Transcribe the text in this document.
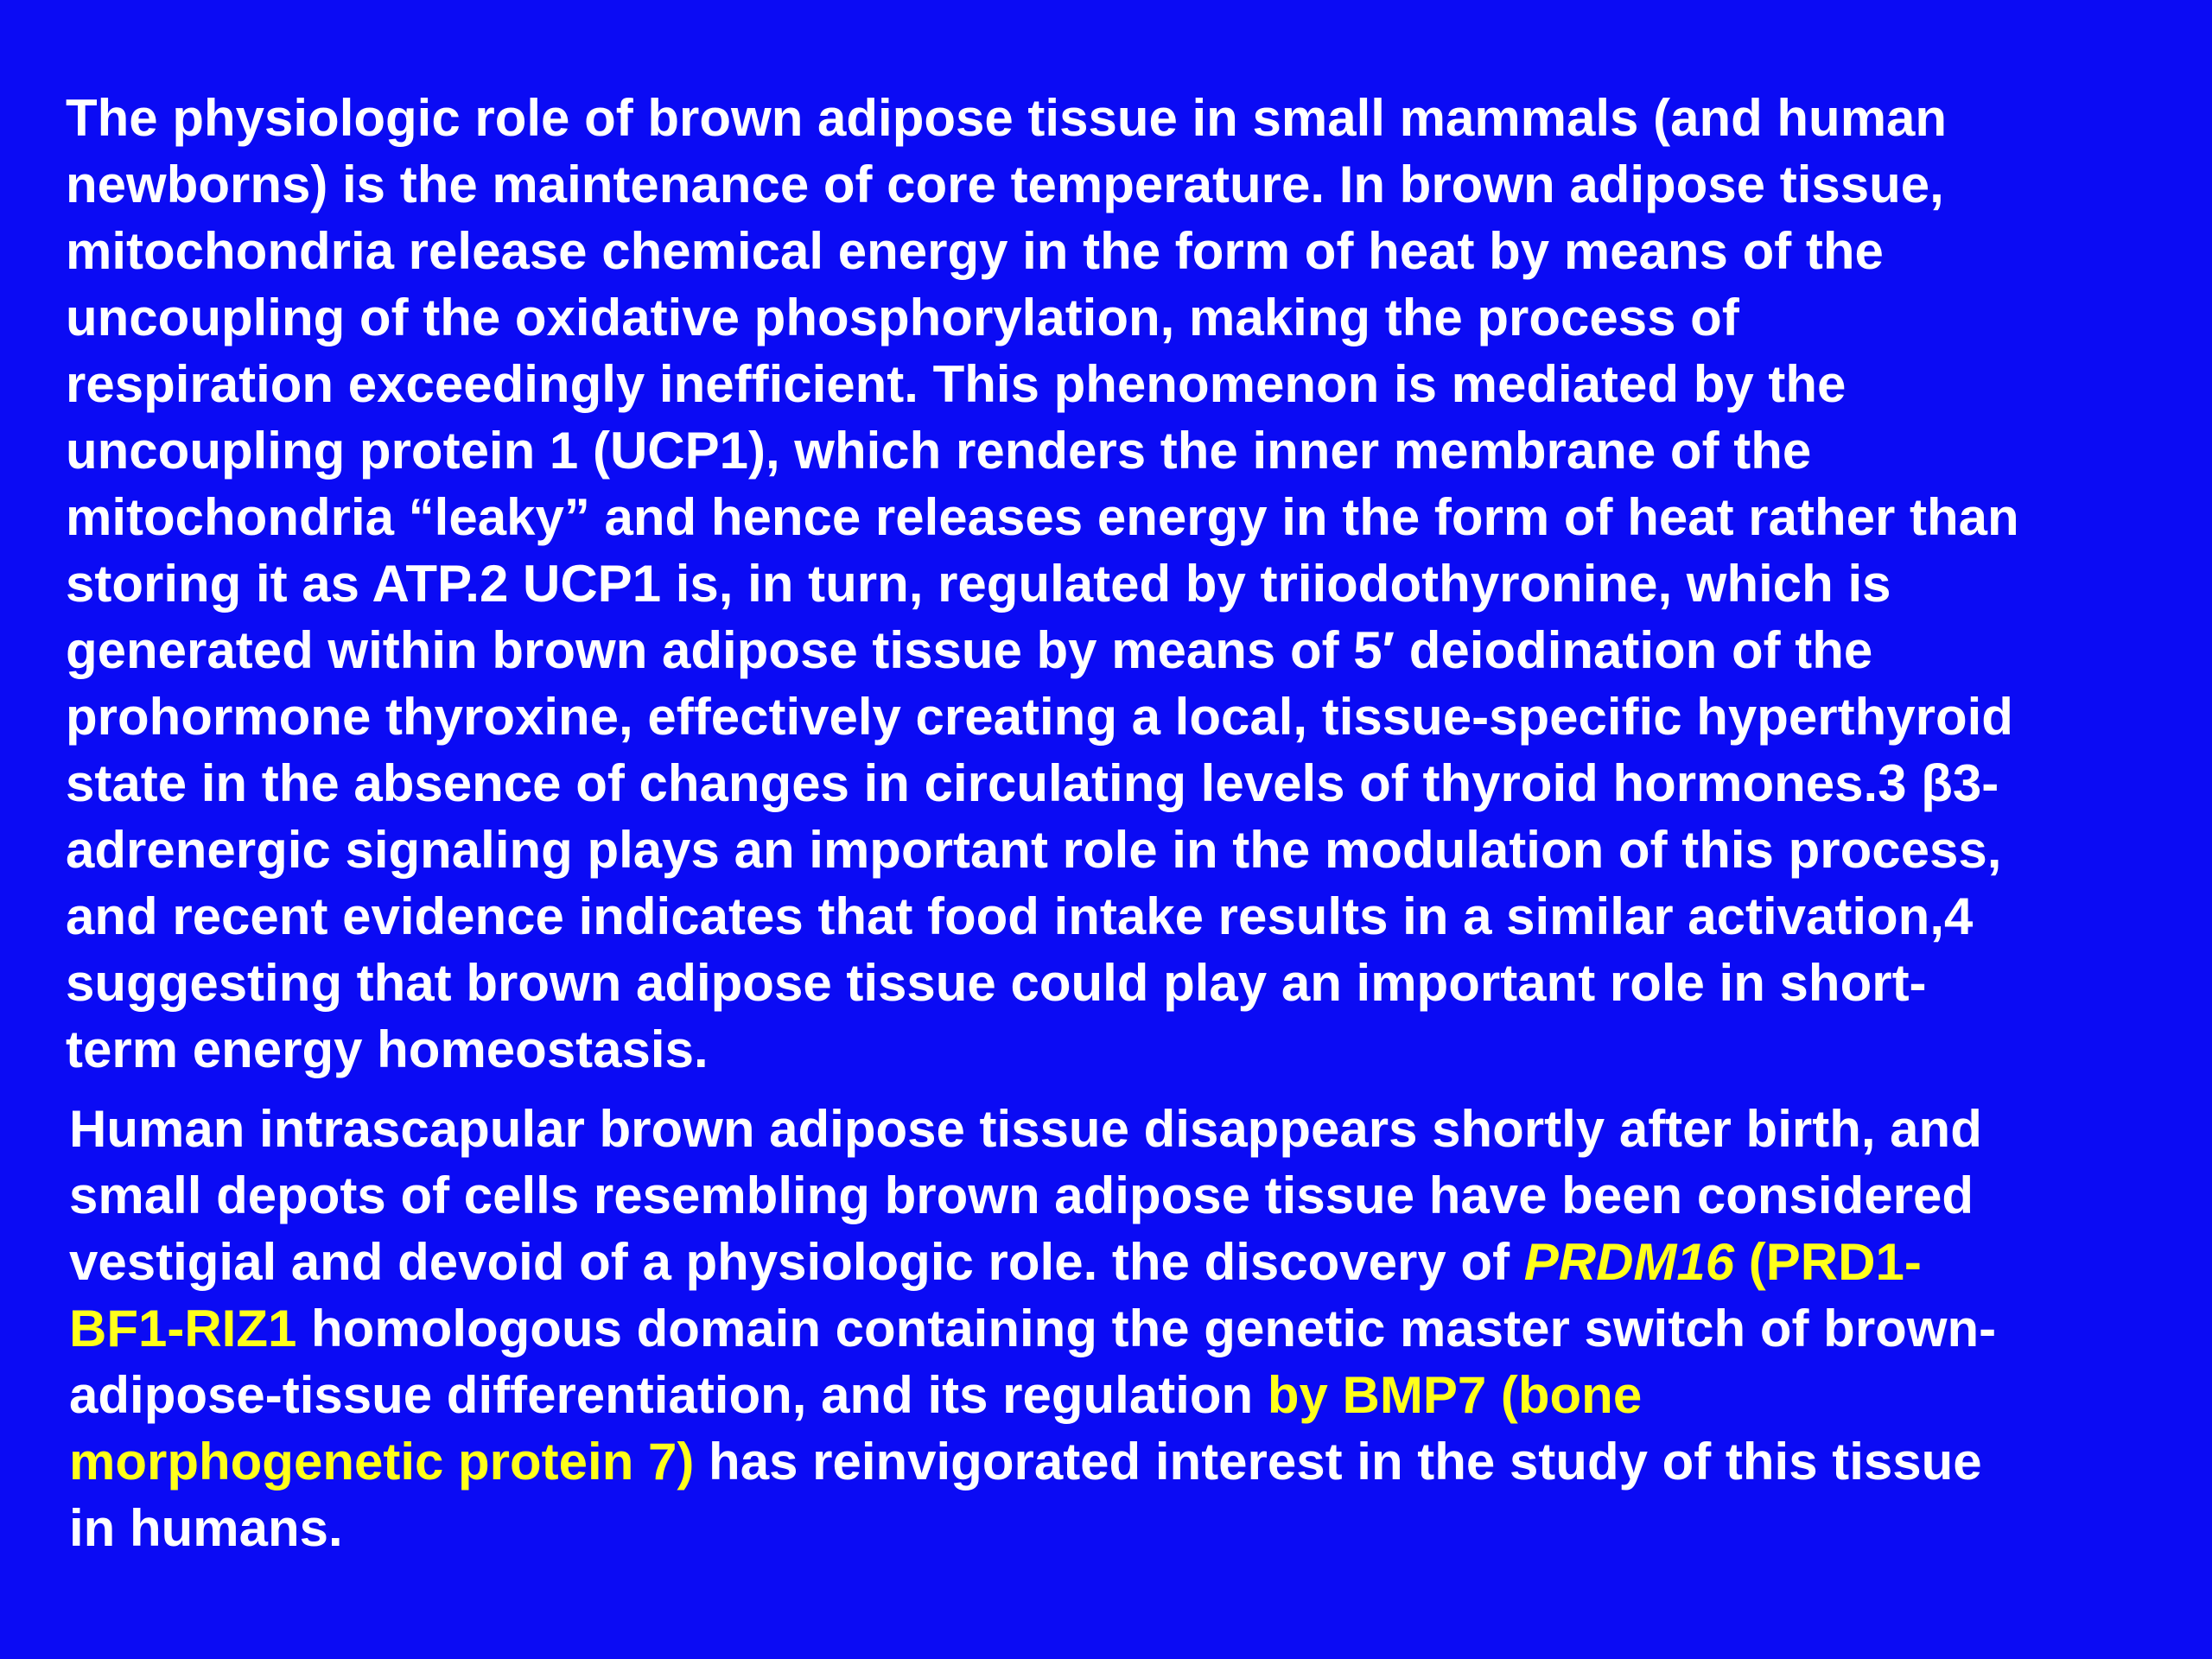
The physiologic role of brown adipose tissue in small mammals (and human
newborns) is the maintenance of core temperature. In brown adipose tissue,
mitochondria release chemical energy in the form of heat by means of the
uncoupling of the oxidative phosphorylation, making the process of
respiration exceedingly inefficient. This phenomenon is mediated by the
uncoupling protein 1 (UCP1), which renders the inner membrane of the
mitochondria “leaky” and hence releases energy in the form of heat rather than
storing it as ATP.2 UCP1 is, in turn, regulated by triiodothyronine, which is
generated within brown adipose tissue by means of 5′ deiodination of the
prohormone thyroxine, effectively creating a local, tissue-specific hyperthyroid
state in the absence of changes in circulating levels of thyroid hormones.3 β3-
adrenergic signaling plays an important role in the modulation of this process,
and recent evidence indicates that food intake results in a similar activation,4
suggesting that brown adipose tissue could play an important role in short-
term energy homeostasis.
Human intrascapular brown adipose tissue disappears shortly after birth, and
small depots of cells resembling brown adipose tissue have been considered
vestigial and devoid of a physiologic role. the discovery of PRDM16 (PRD1-
BF1-RIZ1 homologous domain containing the genetic master switch of brown-
adipose-tissue differentiation, and its regulation by BMP7 (bone
morphogenetic protein 7) has reinvigorated interest in the study of this tissue
in humans.
